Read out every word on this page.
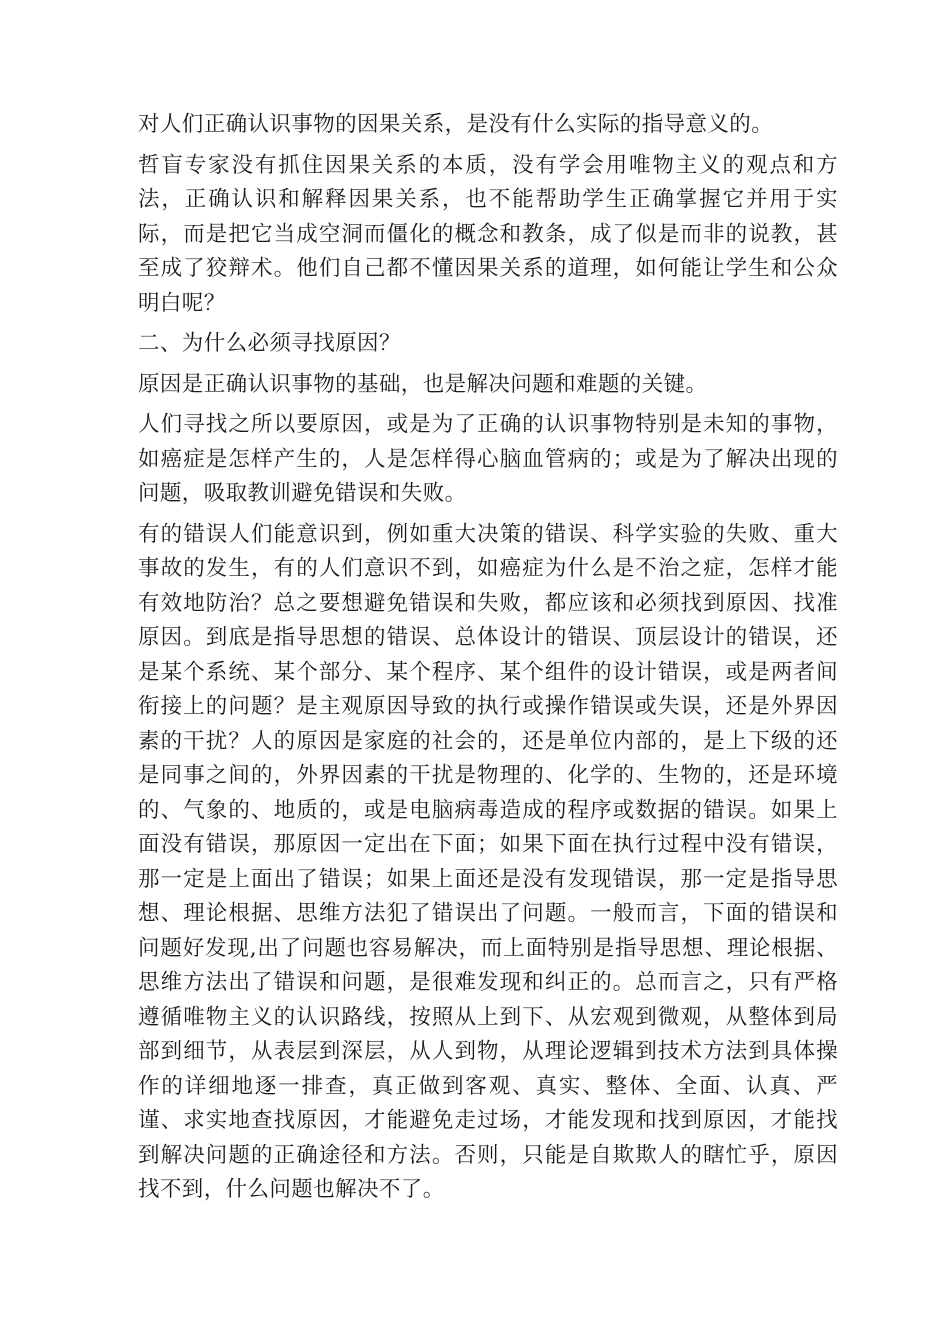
对人们正确认识事物的因果关系，是没有什么实际的指导意义的。

哲盲专家没有抓住因果关系的本质，没有学会用唯物主义的观点和方法，正确认识和解释因果关系，也不能帮助学生正确掌握它并用于实际，而是把它当成空洞而僵化的概念和教条，成了似是而非的说教，甚至成了狡辩术。他们自己都不懂因果关系的道理，如何能让学生和公众明白呢？

二、为什么必须寻找原因？

原因是正确认识事物的基础，也是解决问题和难题的关键。

人们寻找之所以要原因，或是为了正确的认识事物特别是未知的事物，如癌症是怎样产生的，人是怎样得心脑血管病的；或是为了解决出现的问题，吸取教训避免错误和失败。

有的错误人们能意识到，例如重大决策的错误、科学实验的失败、重大事故的发生，有的人们意识不到，如癌症为什么是不治之症，怎样才能有效地防治？总之要想避免错误和失败，都应该和必须找到原因、找准原因。到底是指导思想的错误、总体设计的错误、顶层设计的错误，还是某个系统、某个部分、某个程序、某个组件的设计错误，或是两者间衔接上的问题？是主观原因导致的执行或操作错误或失误，还是外界因素的干扰？人的原因是家庭的社会的，还是单位内部的，是上下级的还是同事之间的，外界因素的干扰是物理的、化学的、生物的，还是环境的、气象的、地质的，或是电脑病毒造成的程序或数据的错误。如果上面没有错误，那原因一定出在下面；如果下面在执行过程中没有错误，那一定是上面出了错误；如果上面还是没有发现错误，那一定是指导思想、理论根据、思维方法犯了错误出了问题。一般而言，下面的错误和问题好发现,出了问题也容易解决，而上面特别是指导思想、理论根据、思维方法出了错误和问题，是很难发现和纠正的。总而言之，只有严格遵循唯物主义的认识路线，按照从上到下、从宏观到微观，从整体到局部到细节，从表层到深层，从人到物，从理论逻辑到技术方法到具体操作的详细地逐一排查，真正做到客观、真实、整体、全面、认真、严谨、求实地查找原因，才能避免走过场，才能发现和找到原因，才能找到解决问题的正确途径和方法。否则，只能是自欺欺人的瞎忙乎，原因找不到，什么问题也解决不了。
